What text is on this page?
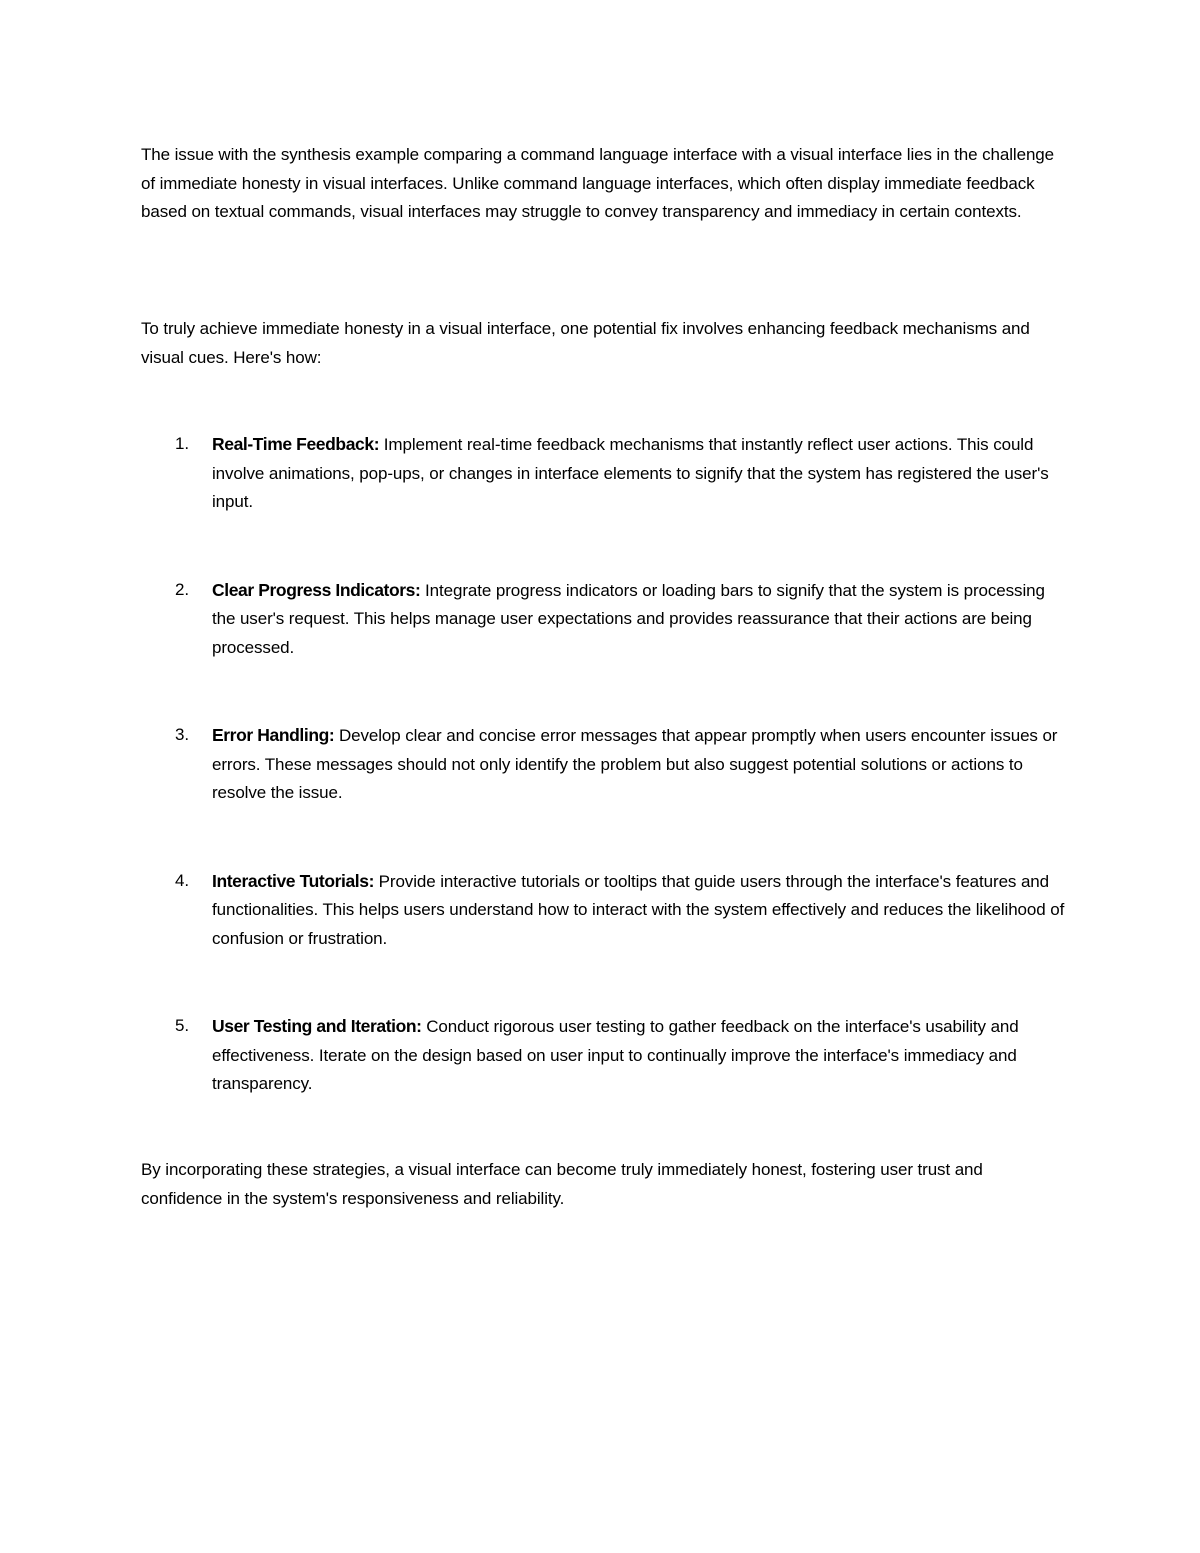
The issue with the synthesis example comparing a command language interface with a visual interface lies in the challenge of immediate honesty in visual interfaces. Unlike command language interfaces, which often display immediate feedback based on textual commands, visual interfaces may struggle to convey transparency and immediacy in certain contexts.

To truly achieve immediate honesty in a visual interface, one potential fix involves enhancing feedback mechanisms and visual cues. Here's how:

1. Real-Time Feedback: Implement real-time feedback mechanisms that instantly reflect user actions. This could involve animations, pop-ups, or changes in interface elements to signify that the system has registered the user's input.
2. Clear Progress Indicators: Integrate progress indicators or loading bars to signify that the system is processing the user's request. This helps manage user expectations and provides reassurance that their actions are being processed.
3. Error Handling: Develop clear and concise error messages that appear promptly when users encounter issues or errors. These messages should not only identify the problem but also suggest potential solutions or actions to resolve the issue.
4. Interactive Tutorials: Provide interactive tutorials or tooltips that guide users through the interface's features and functionalities. This helps users understand how to interact with the system effectively and reduces the likelihood of confusion or frustration.
5. User Testing and Iteration: Conduct rigorous user testing to gather feedback on the interface's usability and effectiveness. Iterate on the design based on user input to continually improve the interface's immediacy and transparency.

By incorporating these strategies, a visual interface can become truly immediately honest, fostering user trust and confidence in the system's responsiveness and reliability.
